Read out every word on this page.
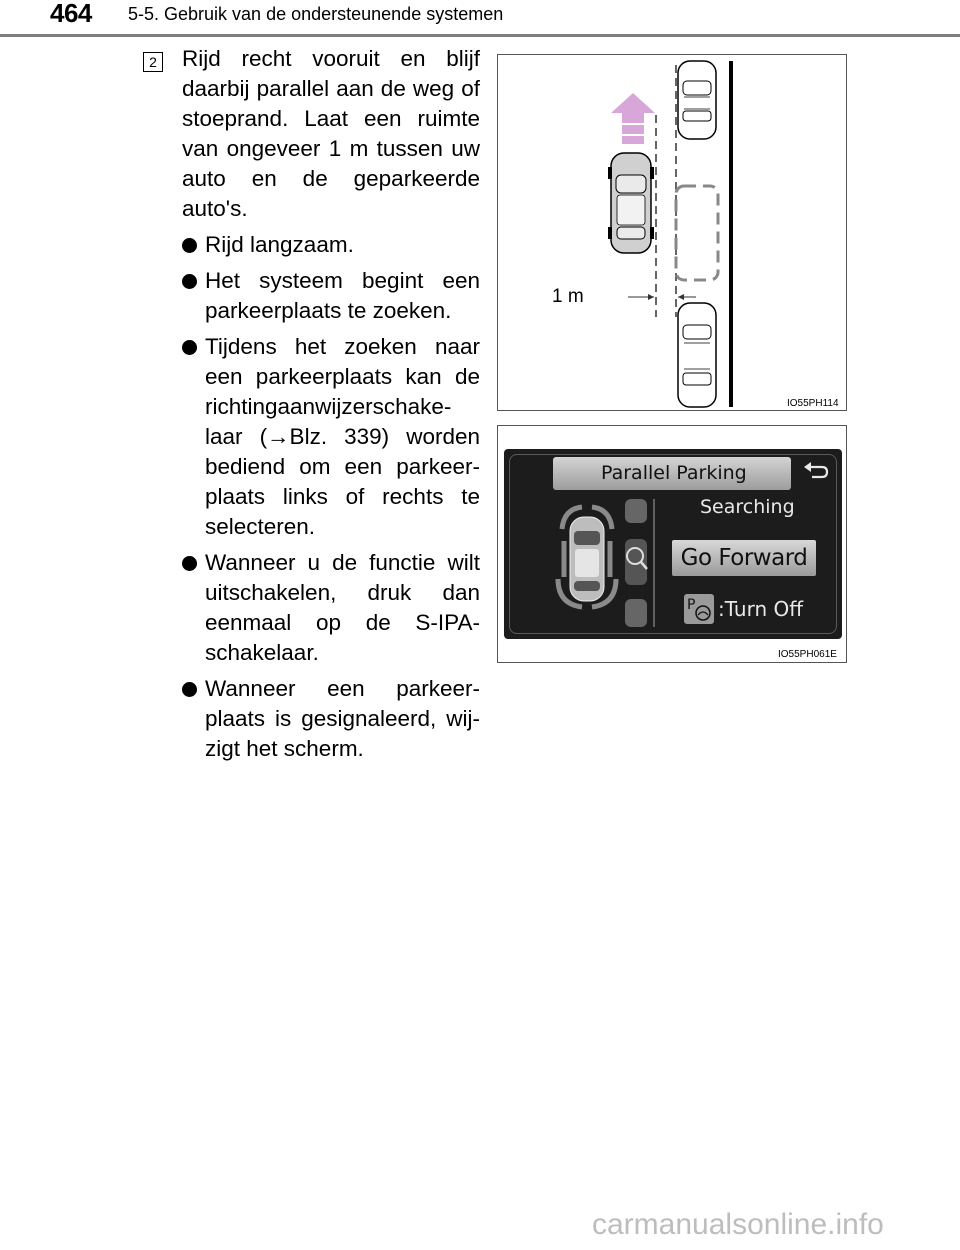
464 5-5. Gebruik van de ondersteunende systemen
2 Rijd recht vooruit en blijf daarbij parallel aan de weg of stoeprand. Laat een ruimte van ongeveer 1 m tussen uw auto en de geparkeerde auto's.

Rijd langzaam.
Het systeem begint een parkeerplaats te zoeken.
Tijdens het zoeken naar een parkeerplaats kan de richtingaanwijzerschake- laar (→Blz. 339) worden bediend om een parkeer- plaats links of rechts te selecteren.
Wanneer u de functie wilt uitschakelen, druk dan eenmaal op de S-IPA- schakelaar.
Wanneer een parkeer- plaats is gesignaleerd, wij- zigt het scherm.
1 m
IO55PH114
Parallel Parking
Searching
Go Forward
P :Turn Off
IO55PH061E
carmanualsonline.info
